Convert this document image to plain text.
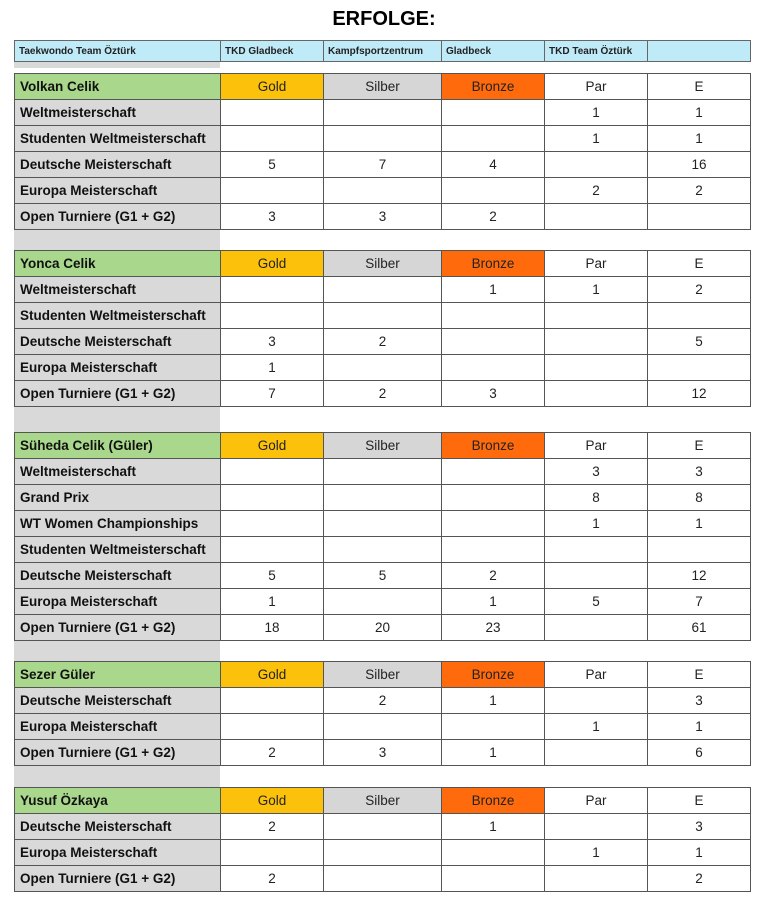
ERFOLGE:
Taekwondo Team Öztürk	TKD Gladbeck	Kampfsportzentrum	Gladbeck	TKD Team Öztürk	
Volkan Celik	Gold	Silber	Bronze	Par	E
Weltmeisterschaft				1	1
Studenten Weltmeisterschaft				1	1
Deutsche Meisterschaft	5	7	4		16
Europa Meisterschaft				2	2
Open Turniere (G1 + G2)	3	3	2		
Yonca Celik	Gold	Silber	Bronze	Par	E
Weltmeisterschaft			1	1	2
Studenten Weltmeisterschaft					
Deutsche Meisterschaft	3	2			5
Europa Meisterschaft	1				
Open Turniere (G1 + G2)	7	2	3		12
Süheda Celik (Güler)	Gold	Silber	Bronze	Par	E
Weltmeisterschaft				3	3
Grand Prix				8	8
WT Women Championships				1	1
Studenten Weltmeisterschaft					
Deutsche Meisterschaft	5	5	2		12
Europa Meisterschaft	1		1	5	7
Open Turniere (G1 + G2)	18	20	23		61
Sezer Güler	Gold	Silber	Bronze	Par	E
Deutsche Meisterschaft		2	1		3
Europa Meisterschaft				1	1
Open Turniere (G1 + G2)	2	3	1		6
Yusuf Özkaya	Gold	Silber	Bronze	Par	E
Deutsche Meisterschaft	2		1		3
Europa Meisterschaft				1	1
Open Turniere (G1 + G2)	2				2
